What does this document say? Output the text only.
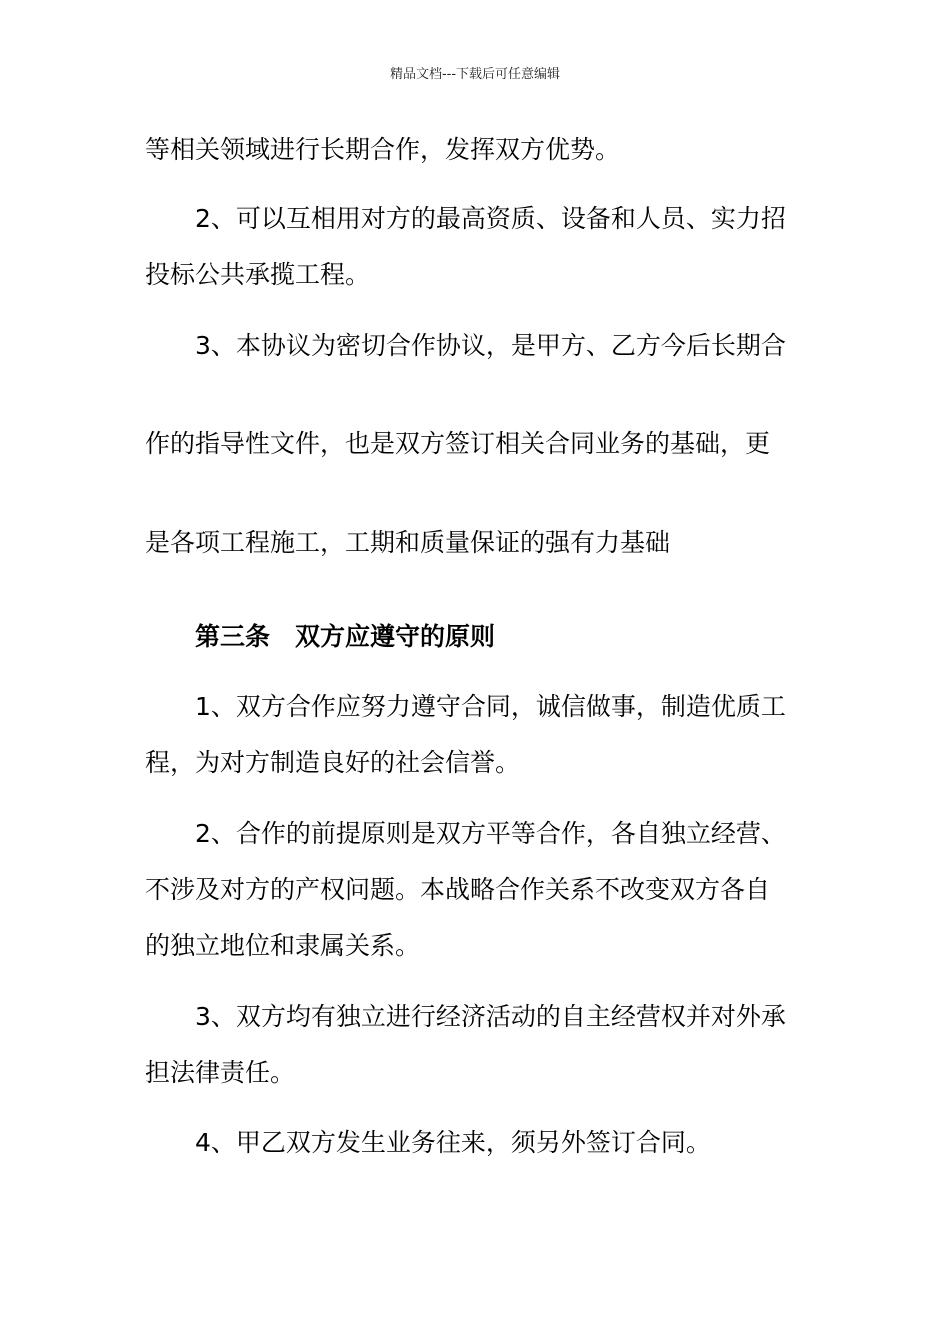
精品文档---下载后可任意编辑
等相关领域进行长期合作，发挥双方优势。
2、可以互相用对方的最高资质、设备和人员、实力招
投标公共承揽工程。
3、本协议为密切合作协议，是甲方、乙方今后长期合
作的指导性文件，也是双方签订相关合同业务的基础，更
是各项工程施工，工期和质量保证的强有力基础
第三条　双方应遵守的原则
1、双方合作应努力遵守合同，诚信做事，制造优质工
程，为对方制造良好的社会信誉。
2、合作的前提原则是双方平等合作，各自独立经营、
不涉及对方的产权问题。本战略合作关系不改变双方各自
的独立地位和隶属关系。
3、双方均有独立进行经济活动的自主经营权并对外承
担法律责任。
4、甲乙双方发生业务往来，须另外签订合同。
